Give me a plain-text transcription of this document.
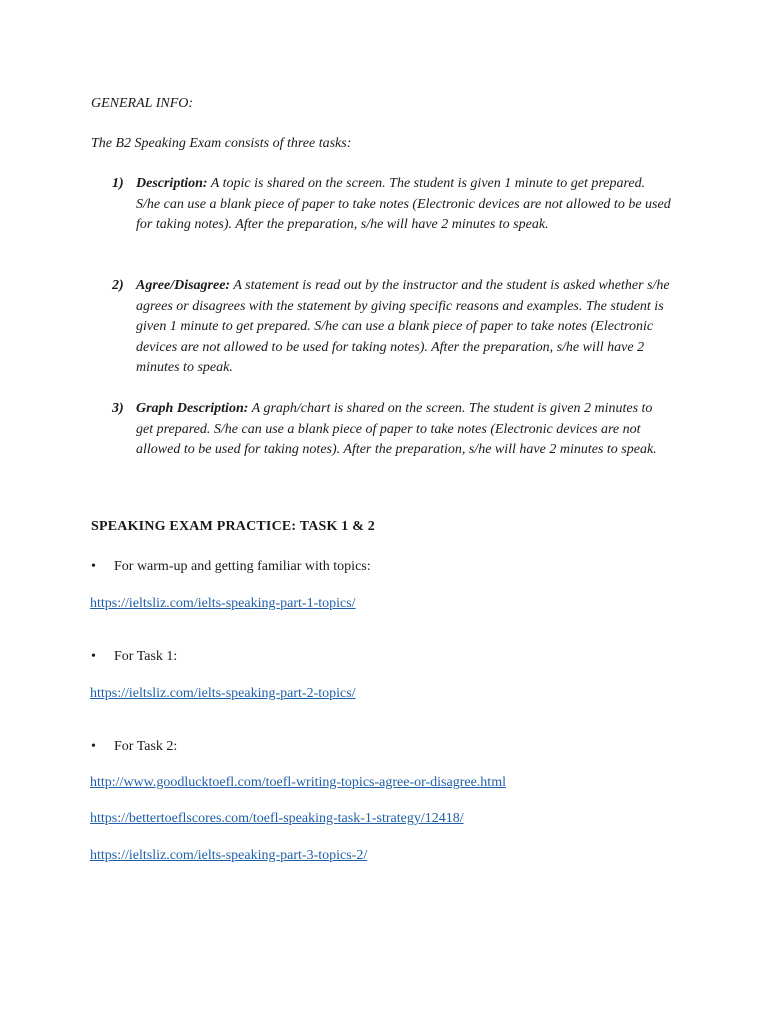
GENERAL INFO:
The B2 Speaking Exam consists of three tasks:
1) Description: A topic is shared on the screen. The student is given 1 minute to get prepared. S/he can use a blank piece of paper to take notes (Electronic devices are not allowed to be used for taking notes). After the preparation, s/he will have 2 minutes to speak.
2) Agree/Disagree: A statement is read out by the instructor and the student is asked whether s/he agrees or disagrees with the statement by giving specific reasons and examples. The student is given 1 minute to get prepared. S/he can use a blank piece of paper to take notes (Electronic devices are not allowed to be used for taking notes). After the preparation, s/he will have 2 minutes to speak.
3) Graph Description: A graph/chart is shared on the screen. The student is given 2 minutes to get prepared. S/he can use a blank piece of paper to take notes (Electronic devices are not allowed to be used for taking notes). After the preparation, s/he will have 2 minutes to speak.
SPEAKING EXAM PRACTICE: TASK 1 & 2
• For warm-up and getting familiar with topics:
https://ieltsliz.com/ielts-speaking-part-1-topics/
• For Task 1:
https://ieltsliz.com/ielts-speaking-part-2-topics/
• For Task 2:
http://www.goodlucktoefl.com/toefl-writing-topics-agree-or-disagree.html
https://bettertoeflscores.com/toefl-speaking-task-1-strategy/12418/
https://ieltsliz.com/ielts-speaking-part-3-topics-2/
